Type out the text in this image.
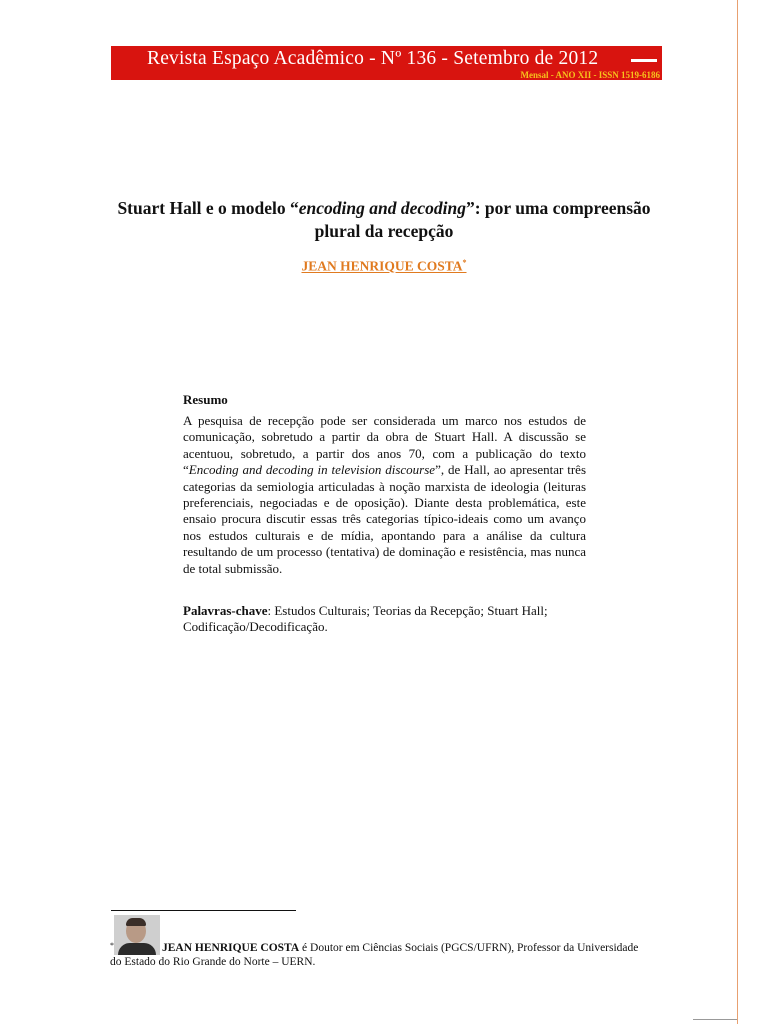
Revista Espaço Acadêmico - Nº 136 - Setembro de 2012
Mensal - ANO XII - ISSN 1519-6186
Stuart Hall e o modelo “encoding and decoding”: por uma compreensão plural da recepção
JEAN HENRIQUE COSTA*
Resumo
A pesquisa de recepção pode ser considerada um marco nos estudos de comunicação, sobretudo a partir da obra de Stuart Hall. A discussão se acentuou, sobretudo, a partir dos anos 70, com a publicação do texto “Encoding and decoding in television discourse”, de Hall, ao apresentar três categorias da semiologia articuladas à noção marxista de ideologia (leituras preferenciais, negociadas e de oposição). Diante desta problemática, este ensaio procura discutir essas três categorias típico-ideais como um avanço nos estudos culturais e de mídia, apontando para a análise da cultura resultando de um processo (tentativa) de dominação e resistência, mas nunca de total submissão.
Palavras-chave: Estudos Culturais; Teorias da Recepção; Stuart Hall; Codificação/Decodificação.
$_*$	JEAN HENRIQUE COSTA é Doutor em Ciências Sociais (PGCS/UFRN), Professor da Universidade do Estado do Rio Grande do Norte – UERN.
